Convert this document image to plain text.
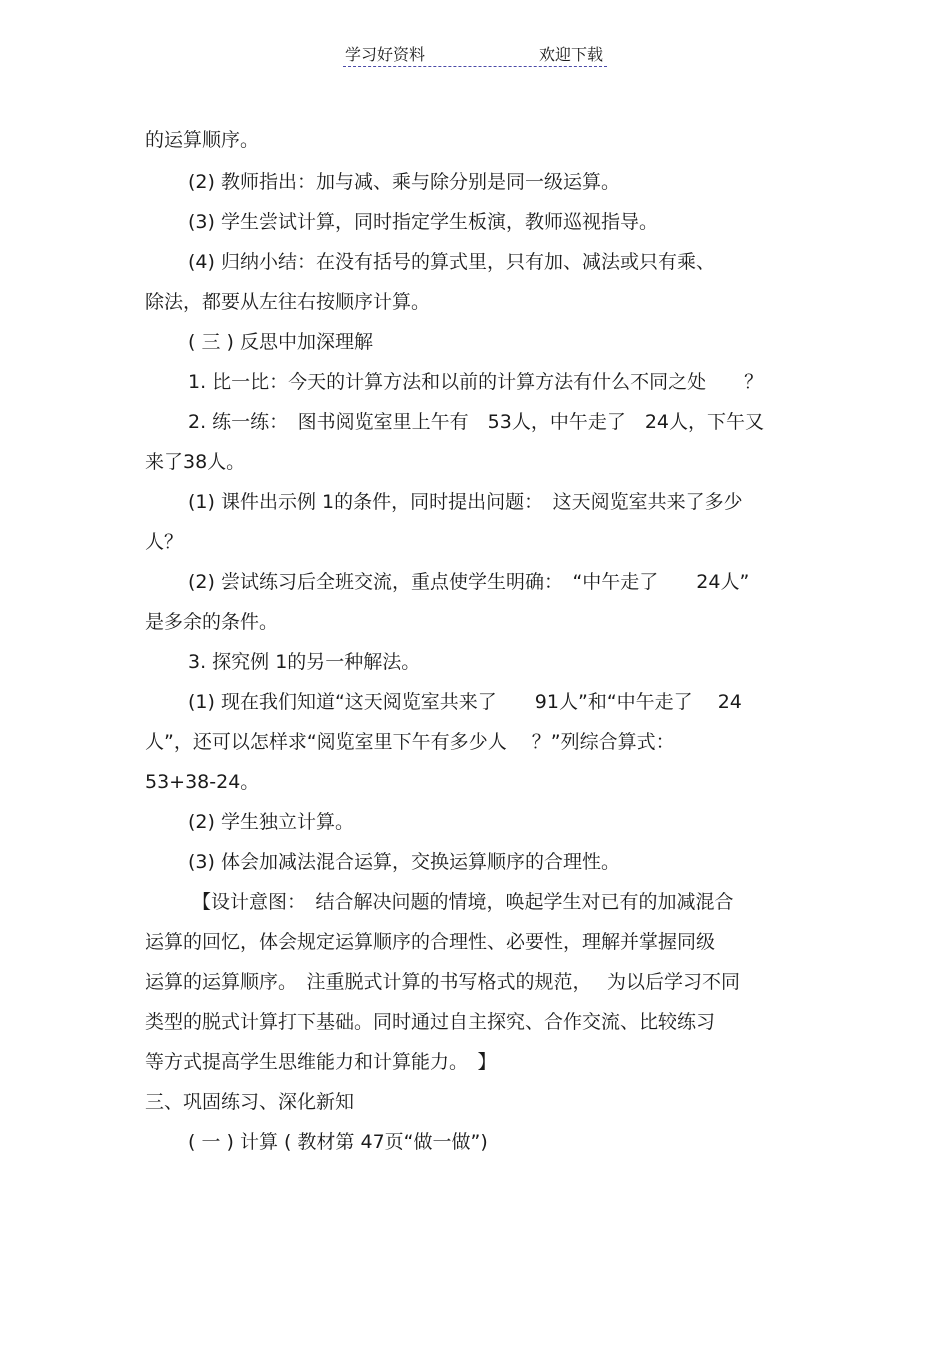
学习好资料	欢迎下载
的运算顺序。
(2) 教师指出：加与减、乘与除分别是同一级运算。
(3) 学生尝试计算，同时指定学生板演，教师巡视指导。
(4) 归纳小结：在没有括号的算式里，只有加、减法或只有乘、
除法，都要从左往右按顺序计算。
( 三 ) 反思中加深理解
1. 比一比：今天的计算方法和以前的计算方法有什么不同之处　　？
2. 练一练：　图书阅览室里上午有　53人，中午走了　24人，下午又
来了38人。
(1) 课件出示例 1的条件，同时提出问题：　这天阅览室共来了多少
人？
(2) 尝试练习后全班交流，重点使学生明确：　“中午走了　　24人”
是多余的条件。
3. 探究例 1的另一种解法。
(1) 现在我们知道“这天阅览室共来了　　91人”和“中午走了　 24
人”，还可以怎样求“阅览室里下午有多少人　 ？”列综合算式：
53+38-24。
(2) 学生独立计算。
(3) 体会加减法混合运算，交换运算顺序的合理性。
【设计意图：　结合解决问题的情境，唤起学生对已有的加减混合
运算的回忆，体会规定运算顺序的合理性、必要性，理解并掌握同级
运算的运算顺序。　注重脱式计算的书写格式的规范，　 为以后学习不同
类型的脱式计算打下基础。同时通过自主探究、合作交流、比较练习
等方式提高学生思维能力和计算能力。　】
三、巩固练习、深化新知
( 一 ) 计算 ( 教材第 47页“做一做”)
